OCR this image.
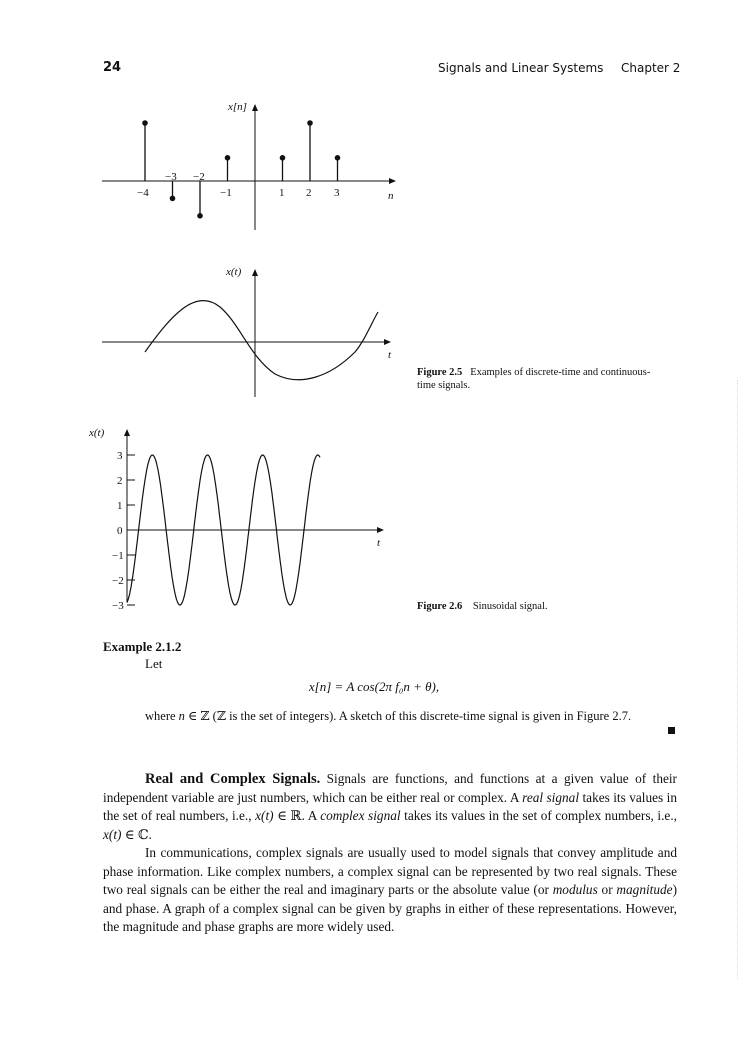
24	Signals and Linear Systems Chapter 2
x[n]
n
−4
−3 −2
−1	1 2 3
x(t)
t
Figure 2.5 Examples of discrete-time and continuous-time signals.
x(t)
t
3
2
1
0
−1
−2
−3	Figure 2.6 Sinusoidal signal.
Example 2.1.2
Let
x[n] = A cos(2π f₀n + θ),
where n ∈ ℤ (ℤ is the set of integers). A sketch of this discrete-time signal is given in Figure 2.7.
Real and Complex Signals. Signals are functions, and functions at a given value of their independent variable are just numbers, which can be either real or complex. A real signal takes its values in the set of real numbers, i.e., x(t) ∈ ℝ. A complex signal takes its values in the set of complex numbers, i.e., x(t) ∈ ℂ.
In communications, complex signals are usually used to model signals that convey amplitude and phase information. Like complex numbers, a complex signal can be represented by two real signals. These two real signals can be either the real and imaginary parts or the absolute value (or modulus or magnitude) and phase. A graph of a complex signal can be given by graphs in either of these representations. However, the magnitude and phase graphs are more widely used.
